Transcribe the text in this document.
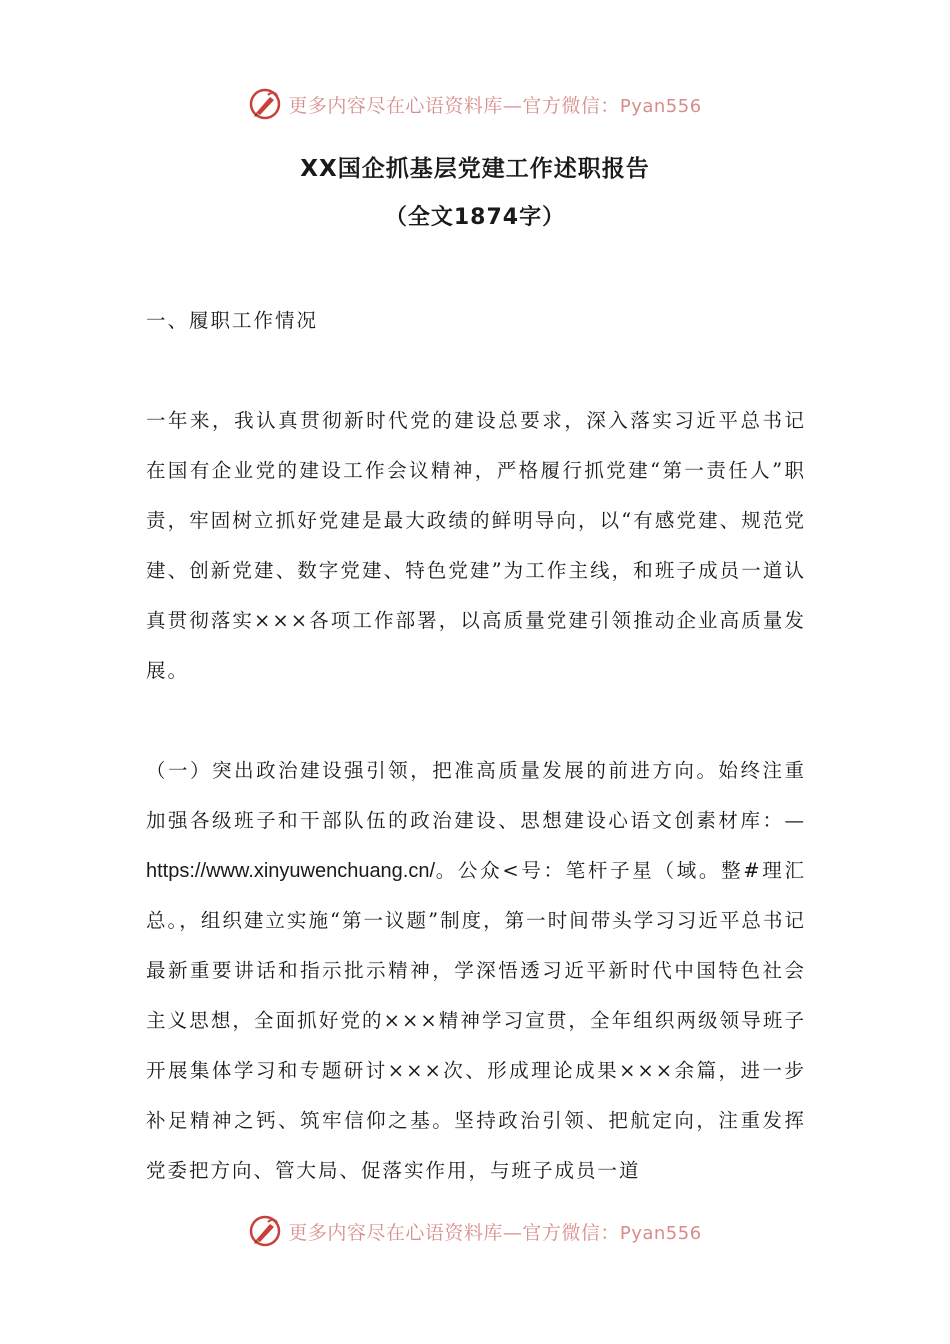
更多内容尽在心语资料库—官方微信：Pyan556
XX国企抓基层党建工作述职报告
（全文1874字）

一、履职工作情况

一年来，我认真贯彻新时代党的建设总要求，深入落实习近平总书记在国有企业党的建设工作会议精神，严格履行抓党建“第一责任人”职责，牢固树立抓好党建是最大政绩的鲜明导向，以“有感党建、规范党建、创新党建、数字党建、特色党建”为工作主线，和班子成员一道认真贯彻落实×××各项工作部署，以高质量党建引领推动企业高质量发展。

（一）突出政治建设强引领，把准高质量发展的前进方向。始终注重加强各级班子和干部队伍的政治建设、思想建设心语文创素材库：—https://www.xinyuwenchuang.cn/。公众<号：笔杆子星（域。整#理汇总。，组织建立实施“第一议题”制度，第一时间带头学习习近平总书记最新重要讲话和指示批示精神，学深悟透习近平新时代中国特色社会主义思想，全面抓好党的×××精神学习宣贯，全年组织两级领导班子开展集体学习和专题研讨×××次、形成理论成果×××余篇，进一步补足精神之钙、筑牢信仰之基。坚持政治引领、把航定向，注重发挥党委把方向、管大局、促落实作用，与班子成员一道

更多内容尽在心语资料库—官方微信：Pyan556
